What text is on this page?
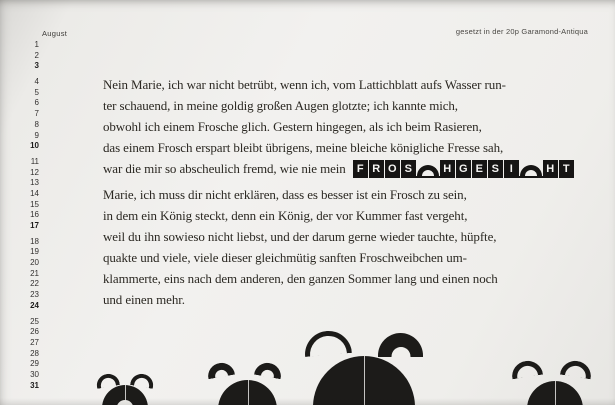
August	gesetzt in der 20p Garamond-Antiqua
1
2
3
4
5
6
7
8
9
10
11
12
13
14
15
16
17
18
19
20
21
22
23
24
25
26
27
28
29
30
31
Nein Marie, ich war nicht betrübt, wenn ich, vom Lattichblatt aufs Wasser run-
ter schauend, in meine goldig großen Augen glotzte; ich kannte mich,
obwohl ich einem Frosche glich. Gestern hingegen, als ich beim Rasieren,
das einem Frosch erspart bleibt übrigens, meine bleiche königliche Fresse sah,
war die mir so abscheulich fremd, wie nie mein	F R O S	H G E S I	H T
Marie, ich muss dir nicht erklären, dass es besser ist ein Frosch zu sein,
in dem ein König steckt, denn ein König, der vor Kummer fast vergeht,
weil du ihn sowieso nicht liebst, und der darum gerne wieder tauchte, hüpfte,
quakte und viele, viele dieser gleichmütig sanften Froschweibchen um-
klammerte, eins nach dem anderen, den ganzen Sommer lang und einen noch
und einen mehr.
